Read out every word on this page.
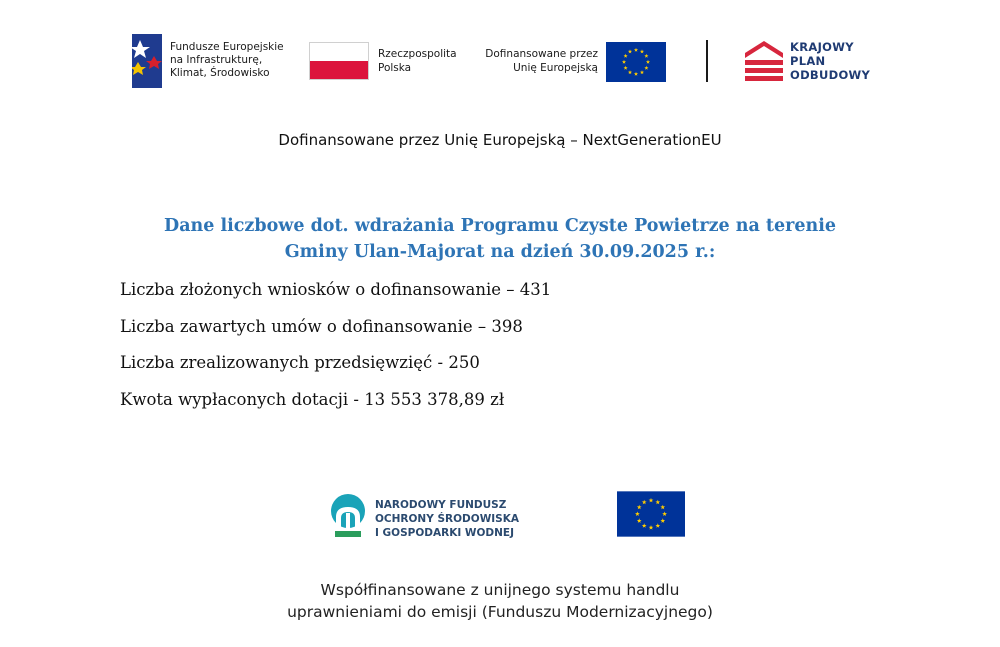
Fundusze Europejskie
na Infrastrukturę,
Klimat, Środowisko
Rzeczpospolita
Polska
Dofinansowane przez
Unię Europejską
KRAJOWY
PLAN
ODBUDOWY
Dofinansowane przez Unię Europejską – NextGenerationEU
Dane liczbowe dot. wdrażania Programu Czyste Powietrze na terenie
Gminy Ulan-Majorat na dzień 30.09.2025 r.:
Liczba złożonych wniosków o dofinansowanie – 431
Liczba zawartych umów o dofinansowanie – 398
Liczba zrealizowanych przedsięwzięć - 250
Kwota wypłaconych dotacji - 13 553 378,89 zł
NARODOWY FUNDUSZ
OCHRONY ŚRODOWISKA
I GOSPODARKI WODNEJ
Współfinansowane z unijnego systemu handlu
uprawnieniami do emisji (Funduszu Modernizacyjnego)
